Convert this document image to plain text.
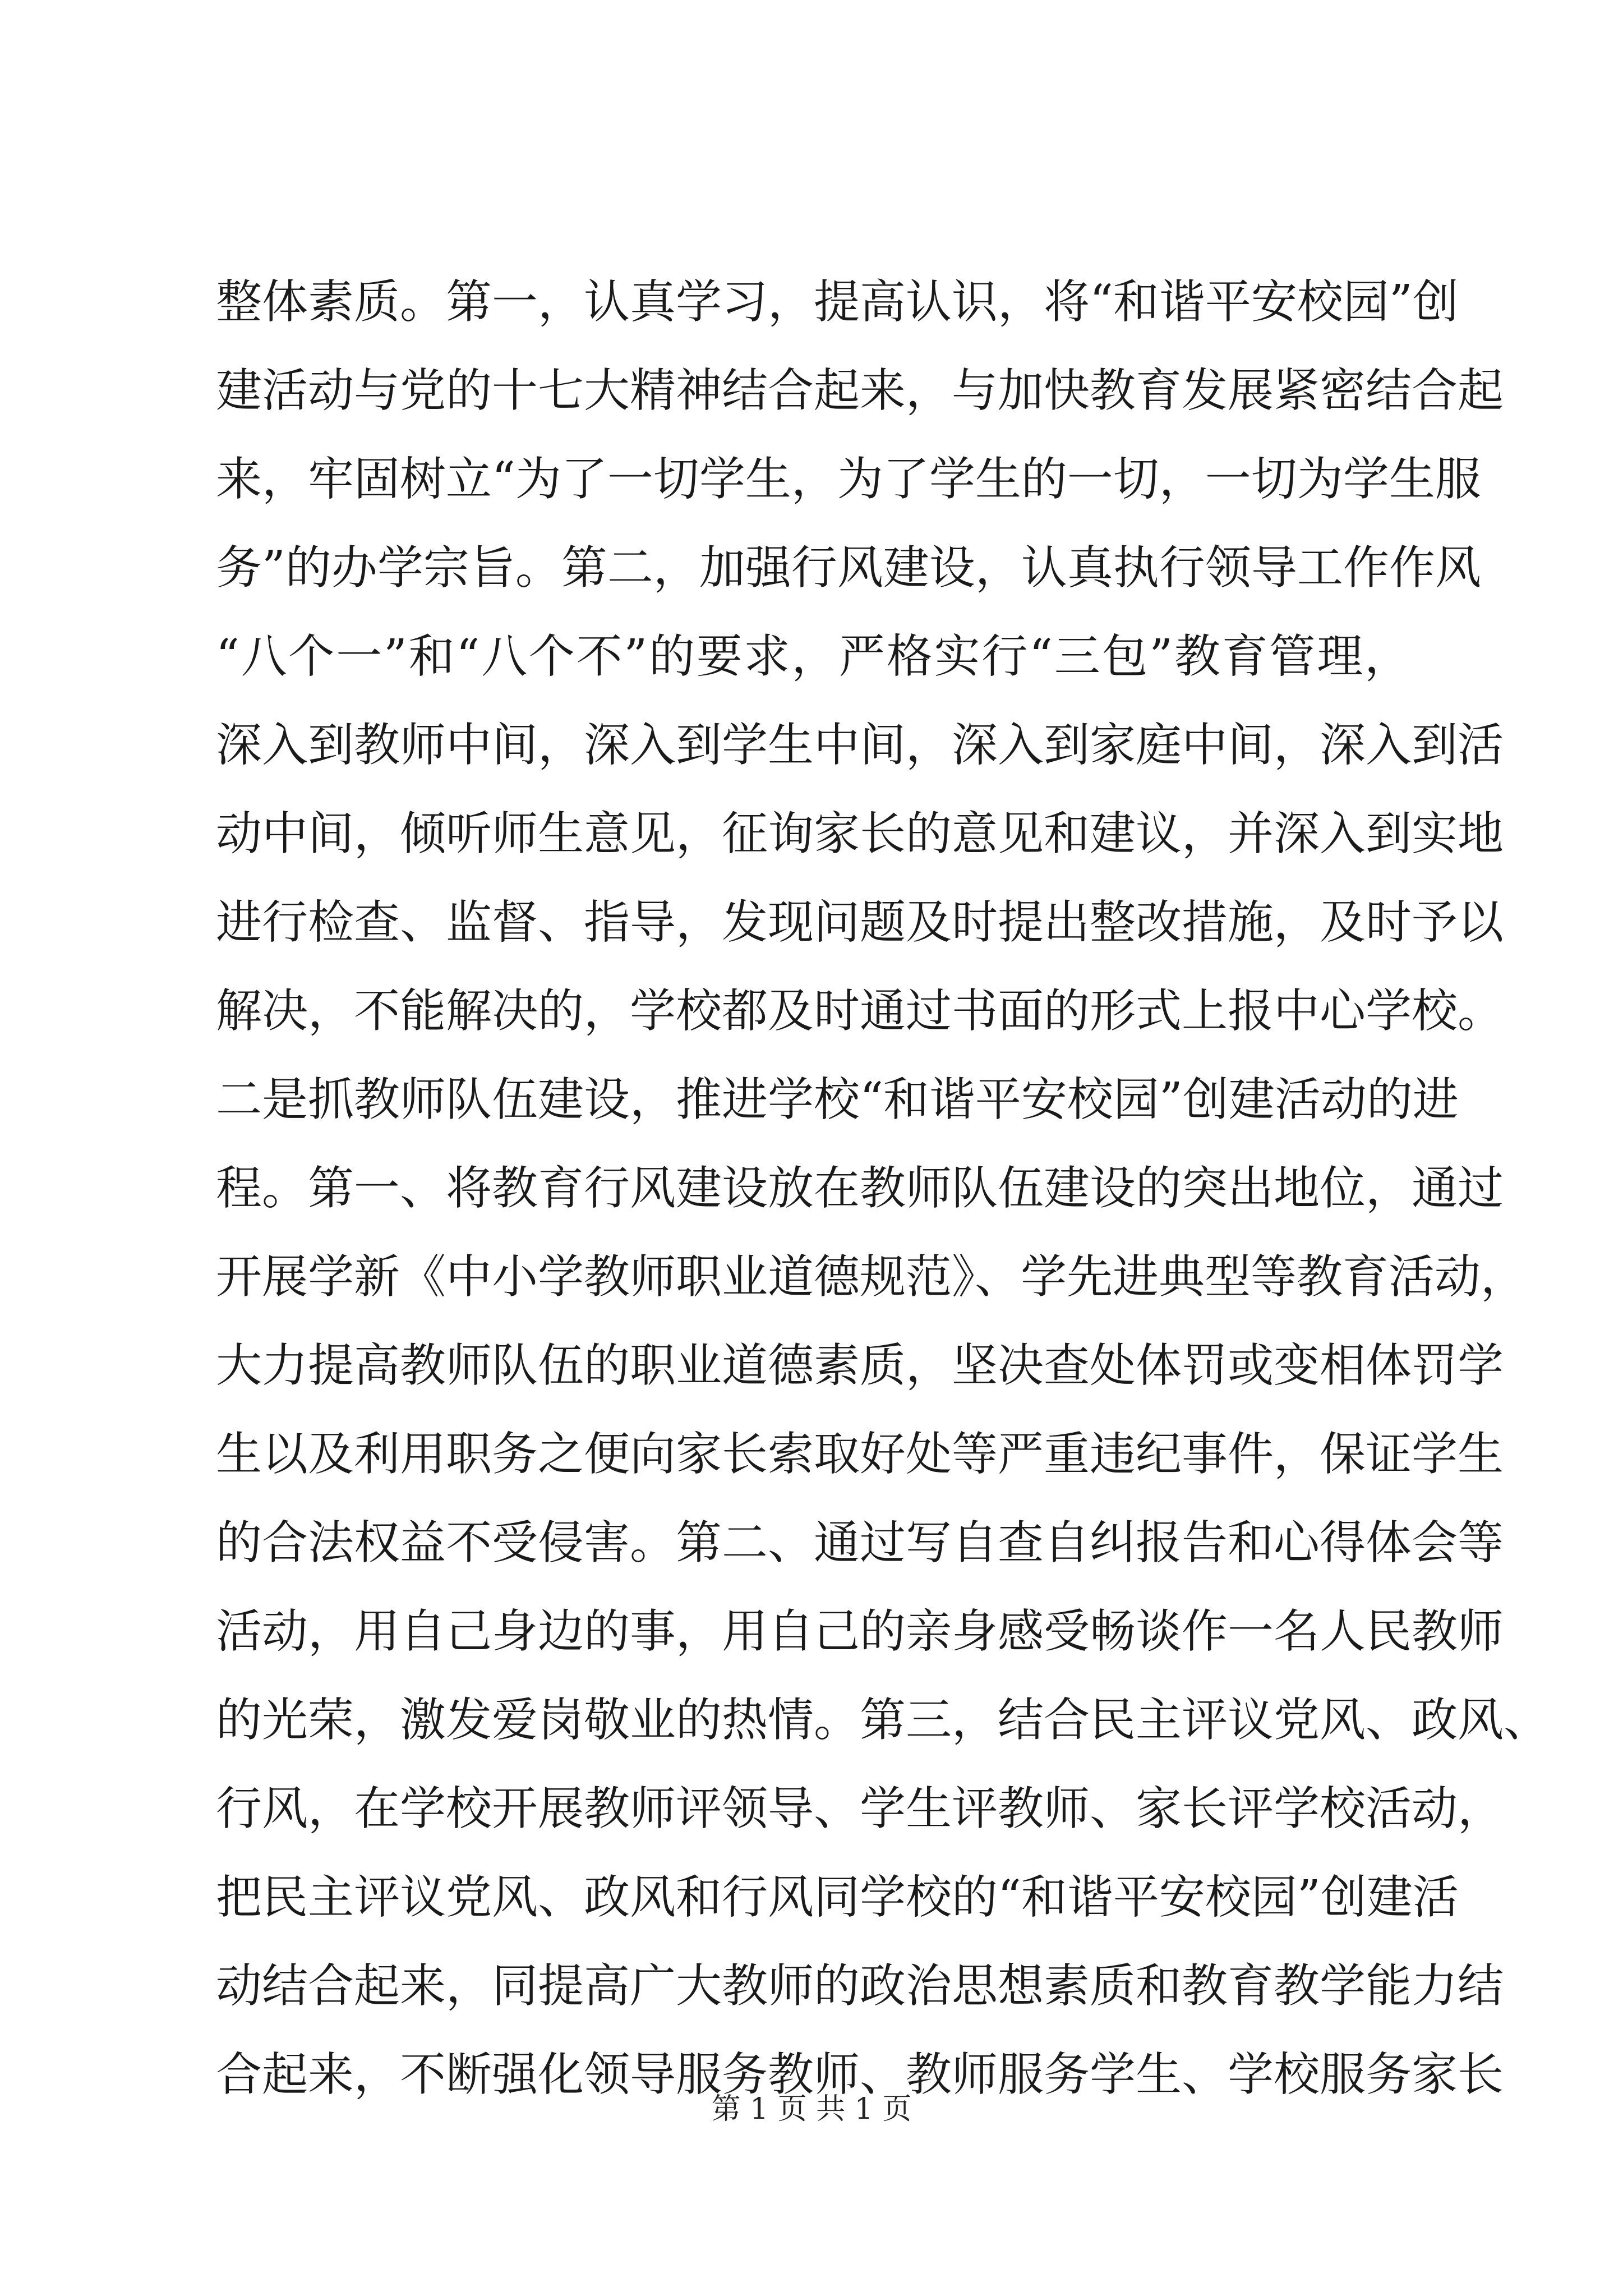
整体素质。第一，认真学习，提高认识，将“和谐平安校园”创
建活动与党的十七大精神结合起来，与加快教育发展紧密结合起
来，牢固树立“为了一切学生，为了学生的一切，一切为学生服
务”的办学宗旨。第二，加强行风建设，认真执行领导工作作风
“八个一”和“八个不”的要求，严格实行“三包”教育管理，
深入到教师中间，深入到学生中间，深入到家庭中间，深入到活
动中间，倾听师生意见，征询家长的意见和建议，并深入到实地
进行检查、监督、指导，发现问题及时提出整改措施，及时予以
解决，不能解决的，学校都及时通过书面的形式上报中心学校。
二是抓教师队伍建设，推进学校“和谐平安校园”创建活动的进
程。第一、将教育行风建设放在教师队伍建设的突出地位，通过
开展学新《中小学教师职业道德规范》、学先进典型等教育活动，
大力提高教师队伍的职业道德素质，坚决查处体罚或变相体罚学
生以及利用职务之便向家长索取好处等严重违纪事件，保证学生
的合法权益不受侵害。第二、通过写自查自纠报告和心得体会等
活动，用自己身边的事，用自己的亲身感受畅谈作一名人民教师
的光荣，激发爱岗敬业的热情。第三，结合民主评议党风、政风、
行风，在学校开展教师评领导、学生评教师、家长评学校活动，
把民主评议党风、政风和行风同学校的“和谐平安校园”创建活
动结合起来，同提高广大教师的政治思想素质和教育教学能力结
合起来，不断强化领导服务教师、教师服务学生、学校服务家长
第 1 页 共 1 页
